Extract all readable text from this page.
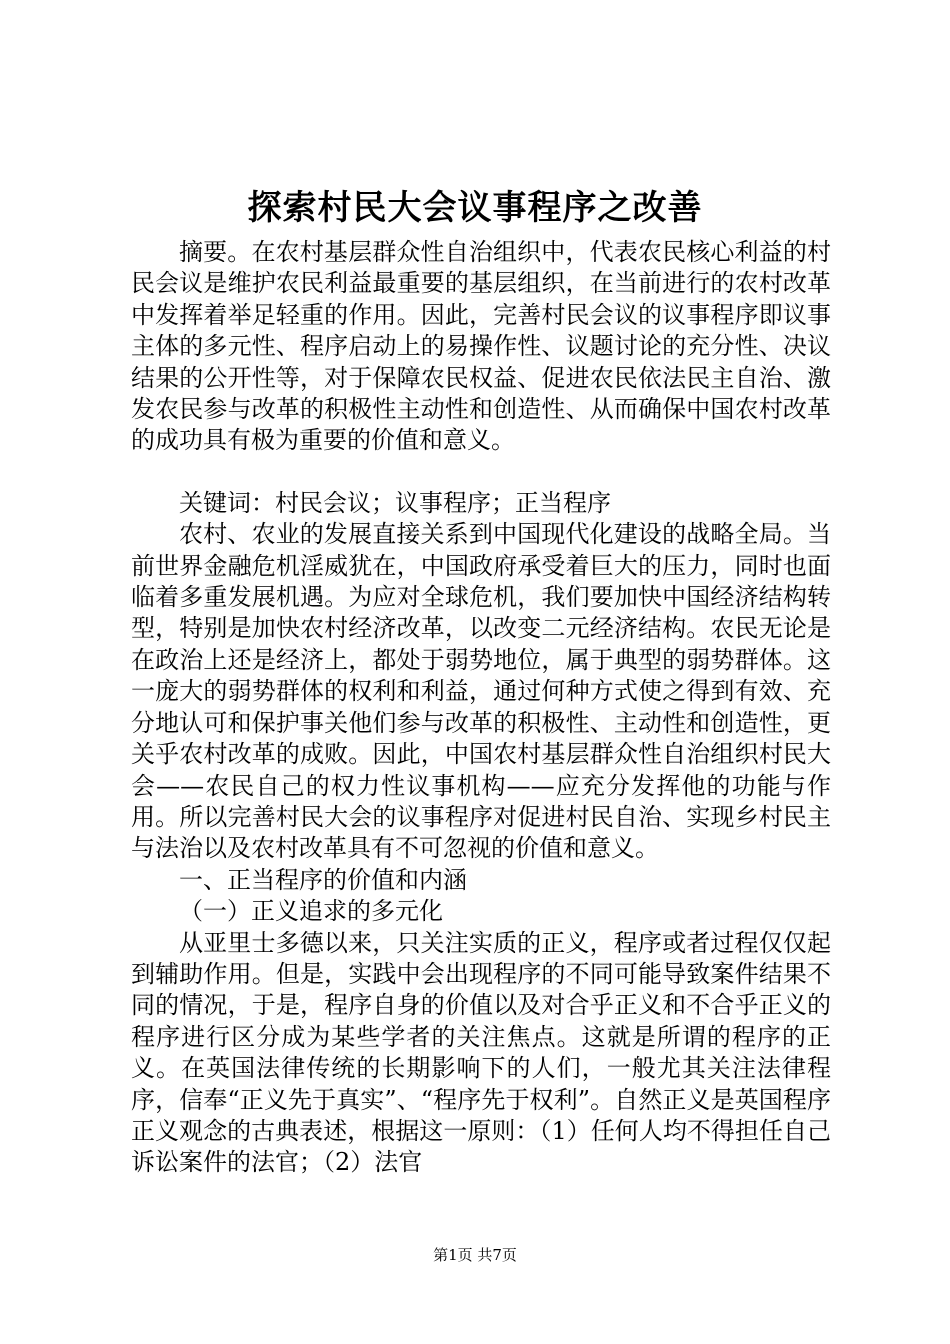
探索村民大会议事程序之改善

摘要。在农村基层群众性自治组织中，代表农民核心利益的村民会议是维护农民利益最重要的基层组织，在当前进行的农村改革中发挥着举足轻重的作用。因此，完善村民会议的议事程序即议事主体的多元性、程序启动上的易操作性、议题讨论的充分性、决议结果的公开性等，对于保障农民权益、促进农民依法民主自治、激发农民参与改革的积极性主动性和创造性、从而确保中国农村改革的成功具有极为重要的价值和意义。

关键词：村民会议；议事程序；正当程序

农村、农业的发展直接关系到中国现代化建设的战略全局。当前世界金融危机淫威犹在，中国政府承受着巨大的压力，同时也面临着多重发展机遇。为应对全球危机，我们要加快中国经济结构转型，特别是加快农村经济改革，以改变二元经济结构。农民无论是在政治上还是经济上，都处于弱势地位，属于典型的弱势群体。这一庞大的弱势群体的权利和利益，通过何种方式使之得到有效、充分地认可和保护事关他们参与改革的积极性、主动性和创造性，更关乎农村改革的成败。因此，中国农村基层群众性自治组织村民大会——农民自己的权力性议事机构——应充分发挥他的功能与作用。所以完善村民大会的议事程序对促进村民自治、实现乡村民主与法治以及农村改革具有不可忽视的价值和意义。

一、正当程序的价值和内涵

（一）正义追求的多元化

从亚里士多德以来，只关注实质的正义，程序或者过程仅仅起到辅助作用。但是，实践中会出现程序的不同可能导致案件结果不同的情况，于是，程序自身的价值以及对合乎正义和不合乎正义的程序进行区分成为某些学者的关注焦点。这就是所谓的程序的正义。在英国法律传统的长期影响下的人们，一般尤其关注法律程序，信奉“正义先于真实”、“程序先于权利”。自然正义是英国程序正义观念的古典表述，根据这一原则：（1）任何人均不得担任自己诉讼案件的法官；（2）法官

第1页 共7页
